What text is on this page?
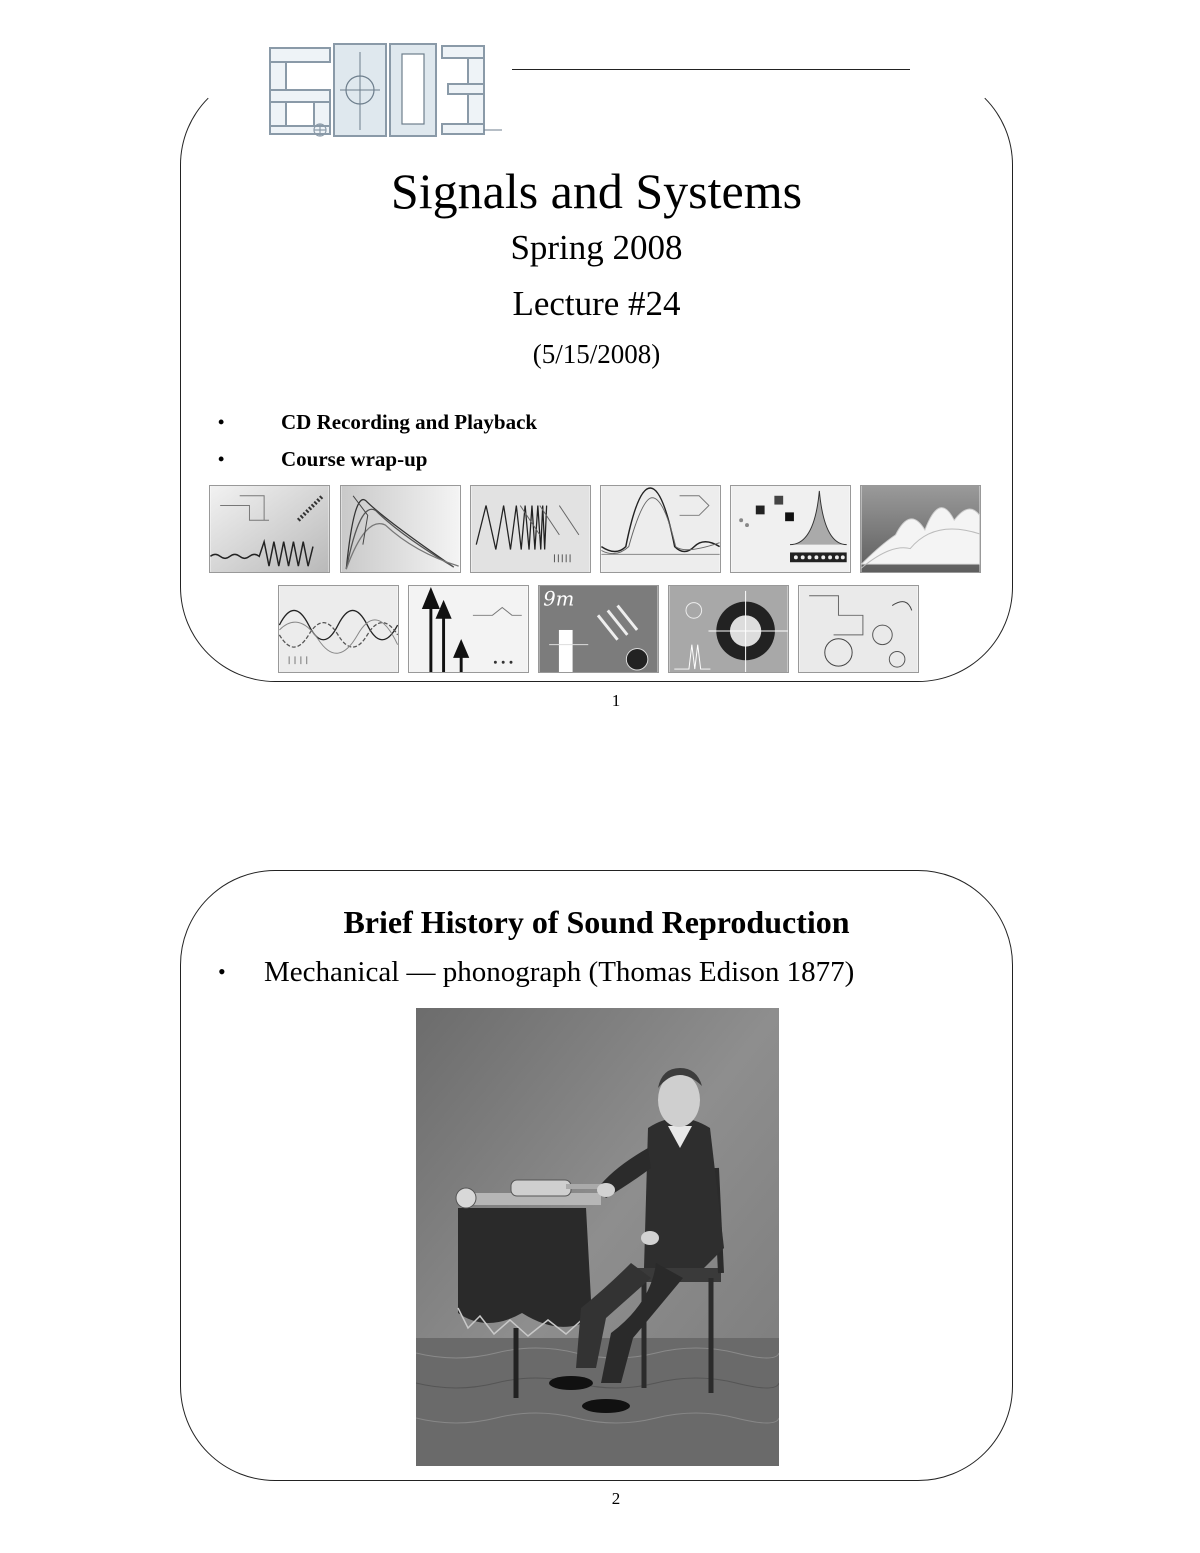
Signals and Systems
Spring 2008
Lecture #24
(5/15/2008)
•	CD Recording and Playback
•	Course wrap-up
9m
1
Brief History of Sound Reproduction
•	Mechanical — phonograph (Thomas Edison 1877)
2
